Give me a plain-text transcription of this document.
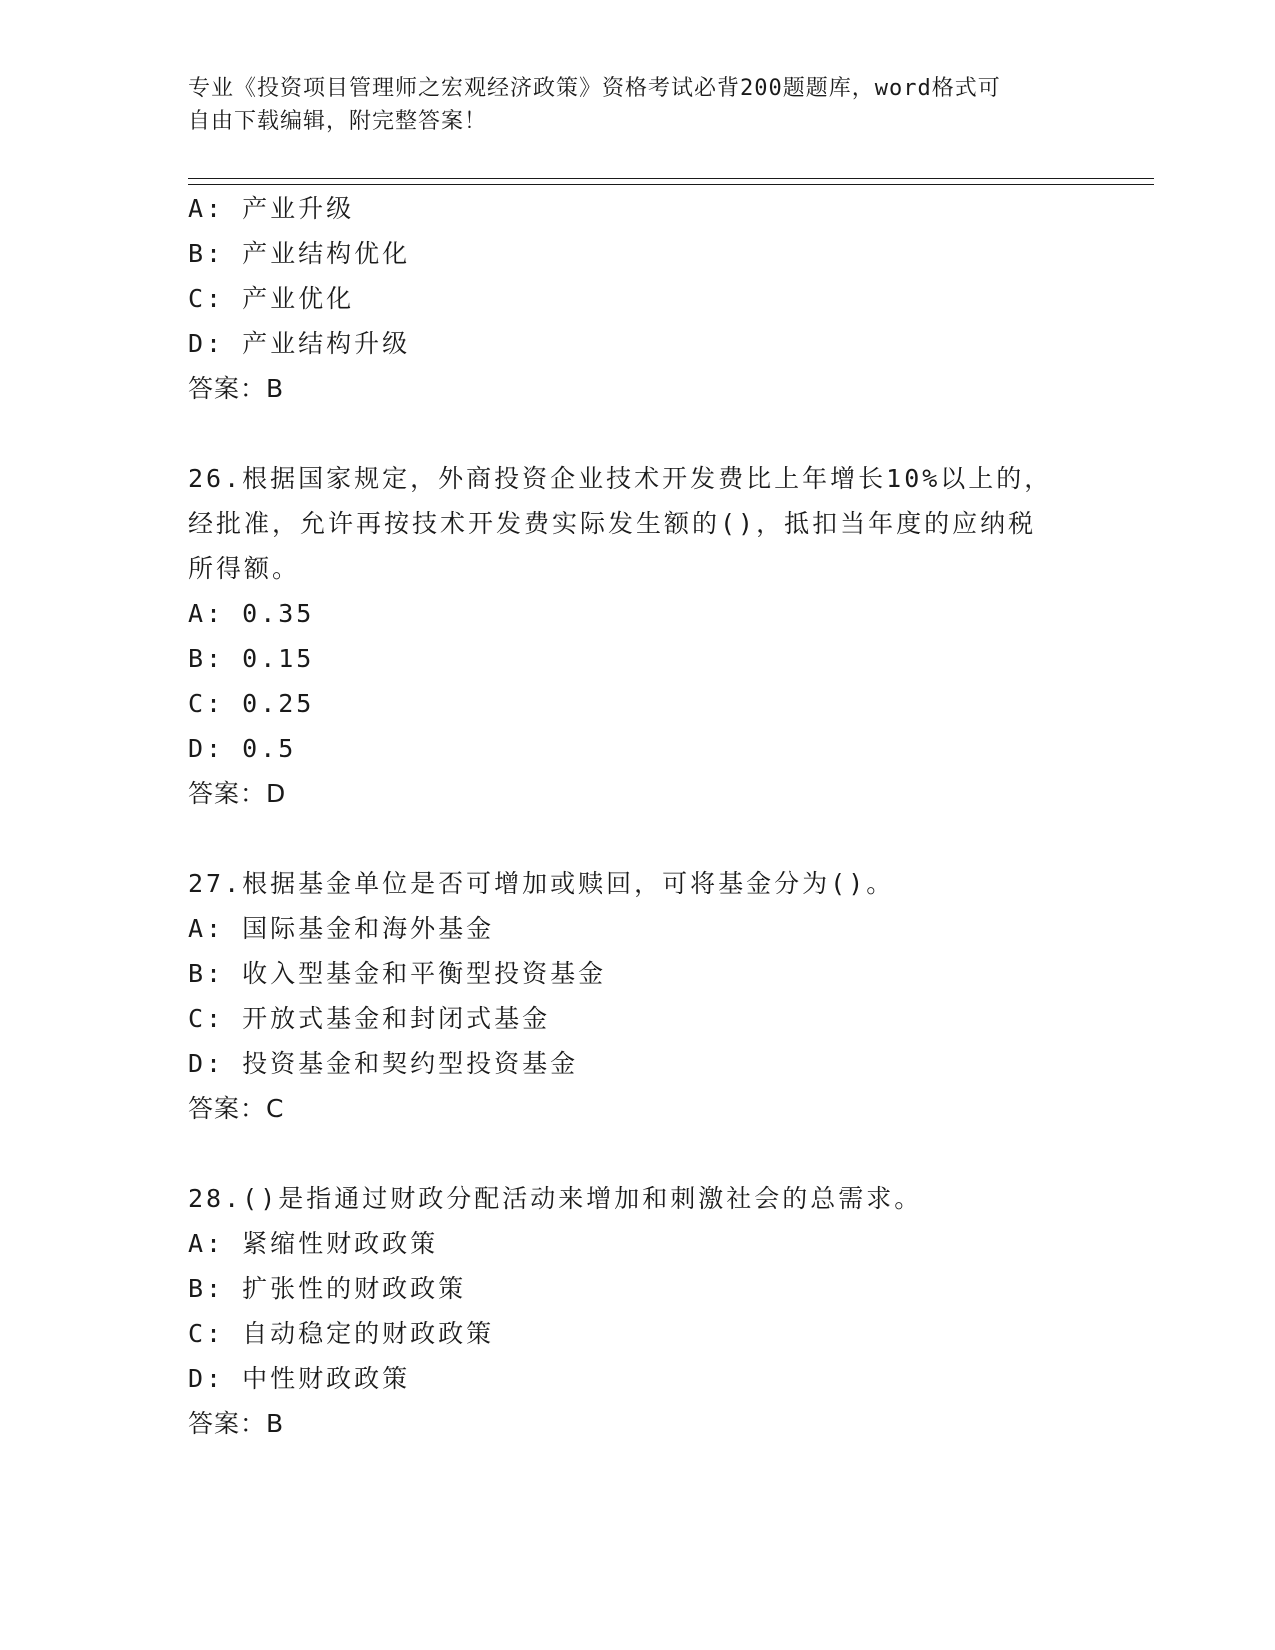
专业《投资项目管理师之宏观经济政策》资格考试必背200题题库，word格式可
自由下载编辑，附完整答案！
A: 产业升级
B: 产业结构优化
C: 产业优化
D: 产业结构升级
答案：B
26.根据国家规定，外商投资企业技术开发费比上年增长10%以上的，
经批准，允许再按技术开发费实际发生额的()，抵扣当年度的应纳税
所得额。
A: 0.35
B: 0.15
C: 0.25
D: 0.5
答案：D
27.根据基金单位是否可增加或赎回，可将基金分为()。
A: 国际基金和海外基金
B: 收入型基金和平衡型投资基金
C: 开放式基金和封闭式基金
D: 投资基金和契约型投资基金
答案：C
28.()是指通过财政分配活动来增加和刺激社会的总需求。
A: 紧缩性财政政策
B: 扩张性的财政政策
C: 自动稳定的财政政策
D: 中性财政政策
答案：B
